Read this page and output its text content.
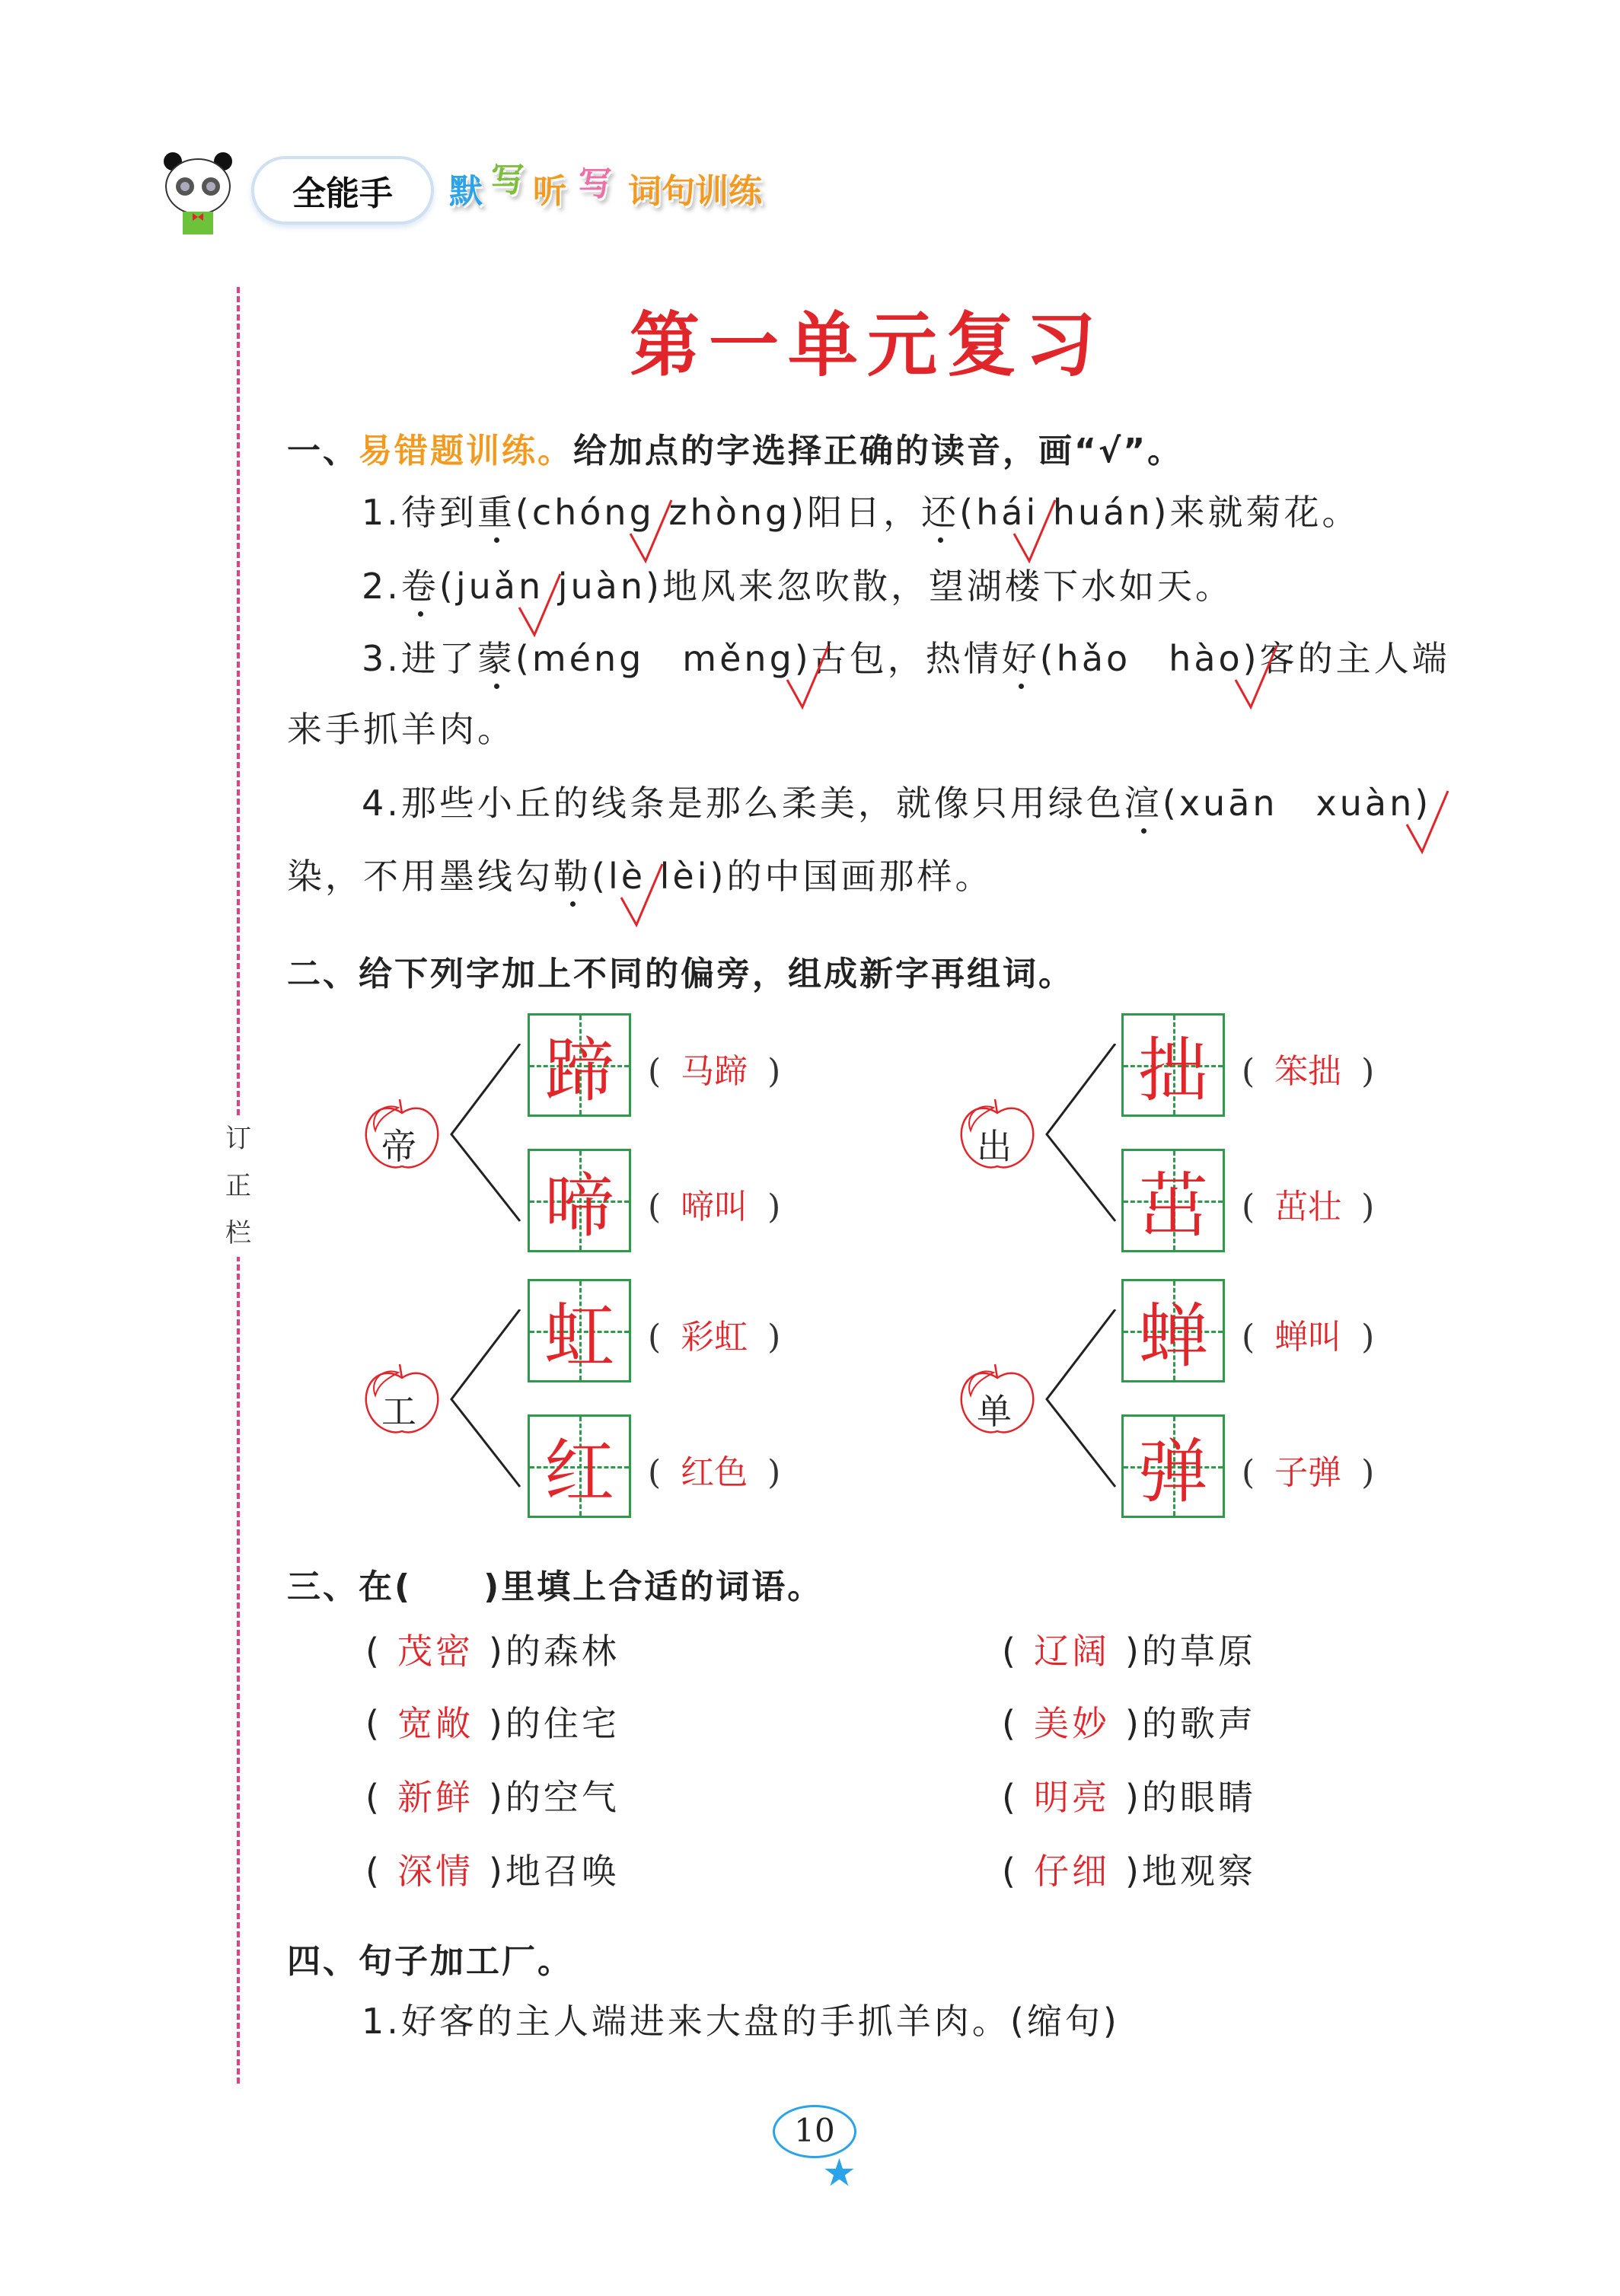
全能手 默 写 听 写 词句训练
第一单元复习
订
正
栏
一、易错题训练。给加点的字选择正确的读音，画“√”。
1.待到重(chóng
zhòng)阳日，还(hái
huán)来就菊花。
2.卷(juǎn
juàn)地风来忽吹散，望湖楼下水如天。
3.进了蒙(méng　měng)
古包，热情好(hǎo　hào)
客的主人端
来手抓羊肉。
4.那些小丘的线条是那么柔美，就像只用绿色渲(xuān　xuàn)
染，不用墨线勾勒(lè
lèi)的中国画那样。
二、给下列字加上不同的偏旁，组成新字再组词。
帝
蹄 ( 马蹄 )
啼 ( 啼叫 )
出
拙 ( 笨拙 )
茁 ( 茁壮 )
工
虹 ( 彩虹 )
红 ( 红色 )
单
蝉 ( 蝉叫 )
弹 ( 子弹 )
三、在(　　)里填上合适的词语。
( 茂密 )的森林	( 辽阔 )的草原
( 宽敞 )的住宅	( 美妙 )的歌声
( 新鲜 )的空气	( 明亮 )的眼睛
( 深情 )地召唤	( 仔细 )地观察
四、句子加工厂。
1.好客的主人端进来大盘的手抓羊肉。(缩句)
10
★
